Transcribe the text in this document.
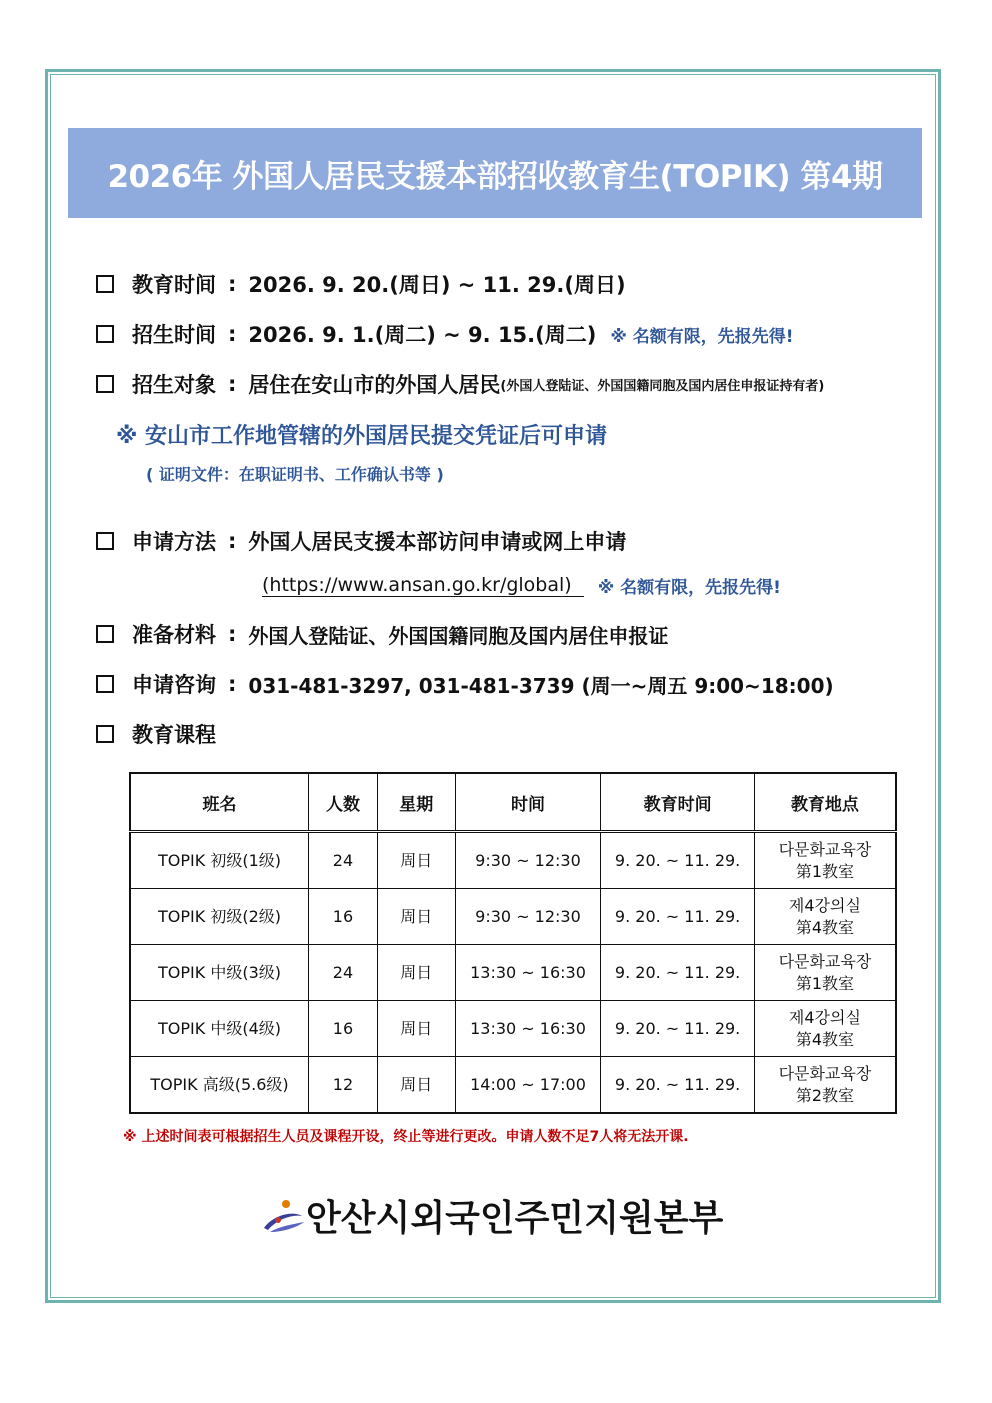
2026年 外国人居民支援本部招收教育生(TOPIK) 第4期
教育时间 : 2026. 9. 20.(周日) ~ 11. 29.(周日)
招生时间 : 2026. 9. 1.(周二) ~ 9. 15.(周二) ※ 名额有限，先报先得!
招生对象 : 居住在安山市的外国人居民 (外国人登陆证、外国国籍同胞及国内居住申报证持有者)
※ 安山市工作地管辖的外国居民提交凭证后可申请
( 证明文件：在职证明书、工作确认书等 )
申请方法 : 外国人居民支援本部访问申请或网上申请
(https://www.ansan.go.kr/global)	※ 名额有限，先报先得!
准备材料 : 外国人登陆证、外国国籍同胞及国内居住申报证
申请咨询 : 031-481-3297, 031-481-3739 (周一~周五 9:00~18:00)
教育课程
班名	人数	星期	时间	教育时间	教育地点
TOPIK 初级(1级)	24	周日	9:30 ~ 12:30	9. 20. ~ 11. 29.	다문화교육장
第1教室
TOPIK 初级(2级)	16	周日	9:30 ~ 12:30	9. 20. ~ 11. 29.	제4강의실
第4教室
TOPIK 中级(3级)	24	周日	13:30 ~ 16:30	9. 20. ~ 11. 29.	다문화교육장
第1教室
TOPIK 中级(4级)	16	周日	13:30 ~ 16:30	9. 20. ~ 11. 29.	제4강의실
第4教室
TOPIK 高级(5.6级)	12	周日	14:00 ~ 17:00	9. 20. ~ 11. 29.	다문화교육장
第2教室
※ 上述时间表可根据招生人员及课程开设，终止等进行更改。申请人数不足7人将无法开课.
안산시외국인주민지원본부
